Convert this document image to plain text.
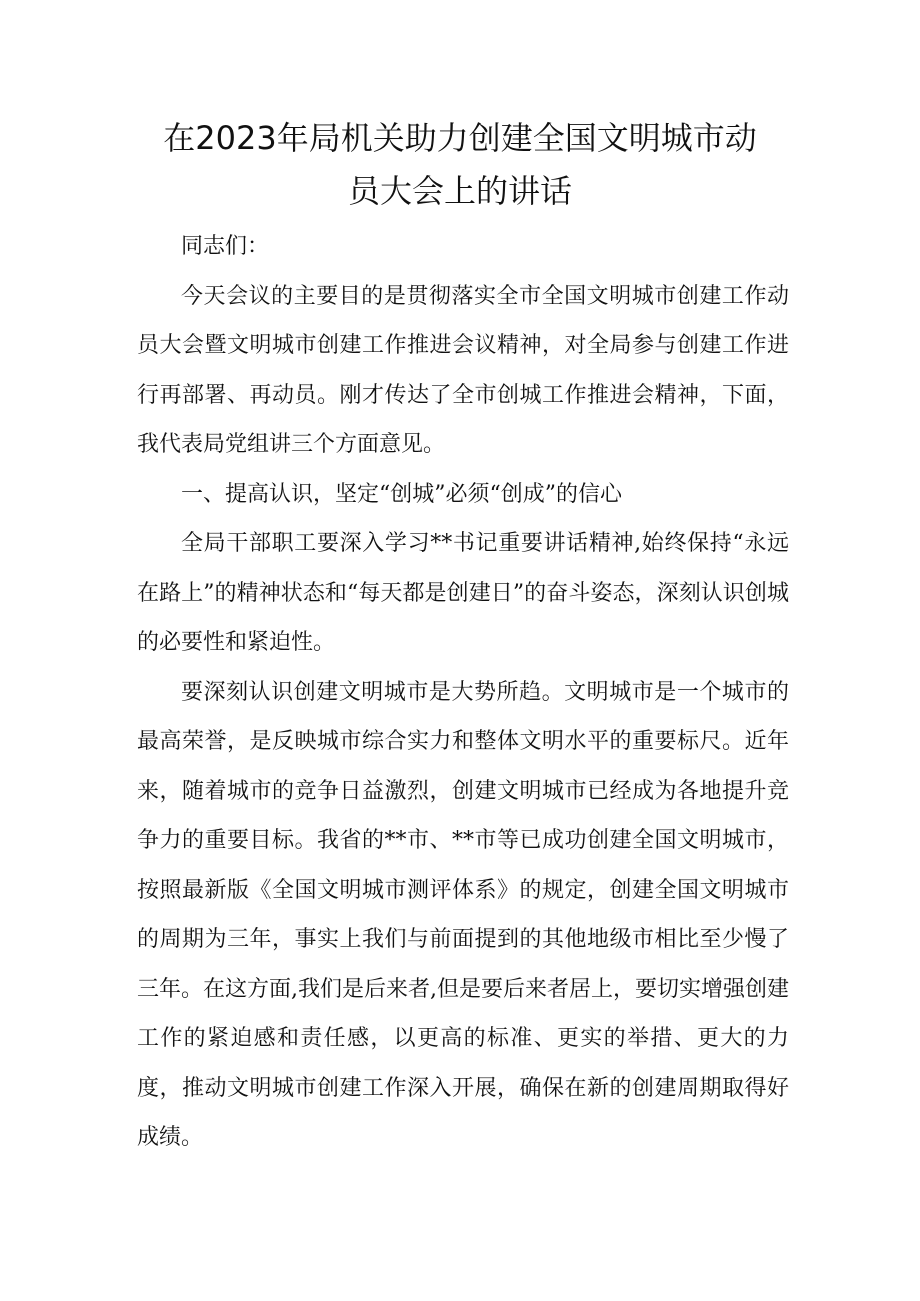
在2023年局机关助力创建全国文明城市动
员大会上的讲话

同志们：

今天会议的主要目的是贯彻落实全市全国文明城市创建工作动员大会暨文明城市创建工作推进会议精神，对全局参与创建工作进行再部署、再动员。刚才传达了全市创城工作推进会精神，下面，我代表局党组讲三个方面意见。

一、提高认识，坚定“创城”必须“创成”的信心

全局干部职工要深入学习**书记重要讲话精神,始终保持“永远在路上”的精神状态和“每天都是创建日”的奋斗姿态，深刻认识创城的必要性和紧迫性。

要深刻认识创建文明城市是大势所趋。文明城市是一个城市的最高荣誉，是反映城市综合实力和整体文明水平的重要标尺。近年来，随着城市的竞争日益激烈，创建文明城市已经成为各地提升竞争力的重要目标。我省的**市、**市等已成功创建全国文明城市，按照最新版《全国文明城市测评体系》的规定，创建全国文明城市的周期为三年，事实上我们与前面提到的其他地级市相比至少慢了三年。在这方面,我们是后来者,但是要后来者居上，要切实增强创建工作的紧迫感和责任感，以更高的标准、更实的举措、更大的力度，推动文明城市创建工作深入开展，确保在新的创建周期取得好成绩。
